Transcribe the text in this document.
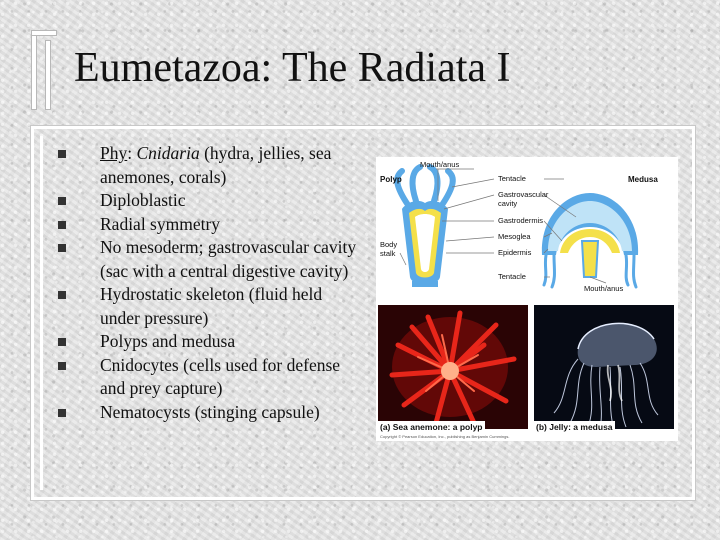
Eumetazoa: The Radiata I
Phy: Cnidaria (hydra, jellies, sea anemones, corals)
Diploblastic
Radial symmetry
No mesoderm; gastrovascular cavity (sac with a central digestive cavity)
Hydrostatic skeleton (fluid held under pressure)
Polyps and medusa
Cnidocytes (cells used for defense and prey capture)
Nematocysts (stinging capsule)
Mouth/anus
Polyp	Medusa
Tentacle
Gastrovascular
cavity
Gastrodermis
Mesoglea
Body
stalk	Epidermis
Tentacle
Mouth/anus
(a) Sea anemone: a polyp	(b) Jelly: a medusa
Copyright © Pearson Education, Inc., publishing as Benjamin Cummings.
